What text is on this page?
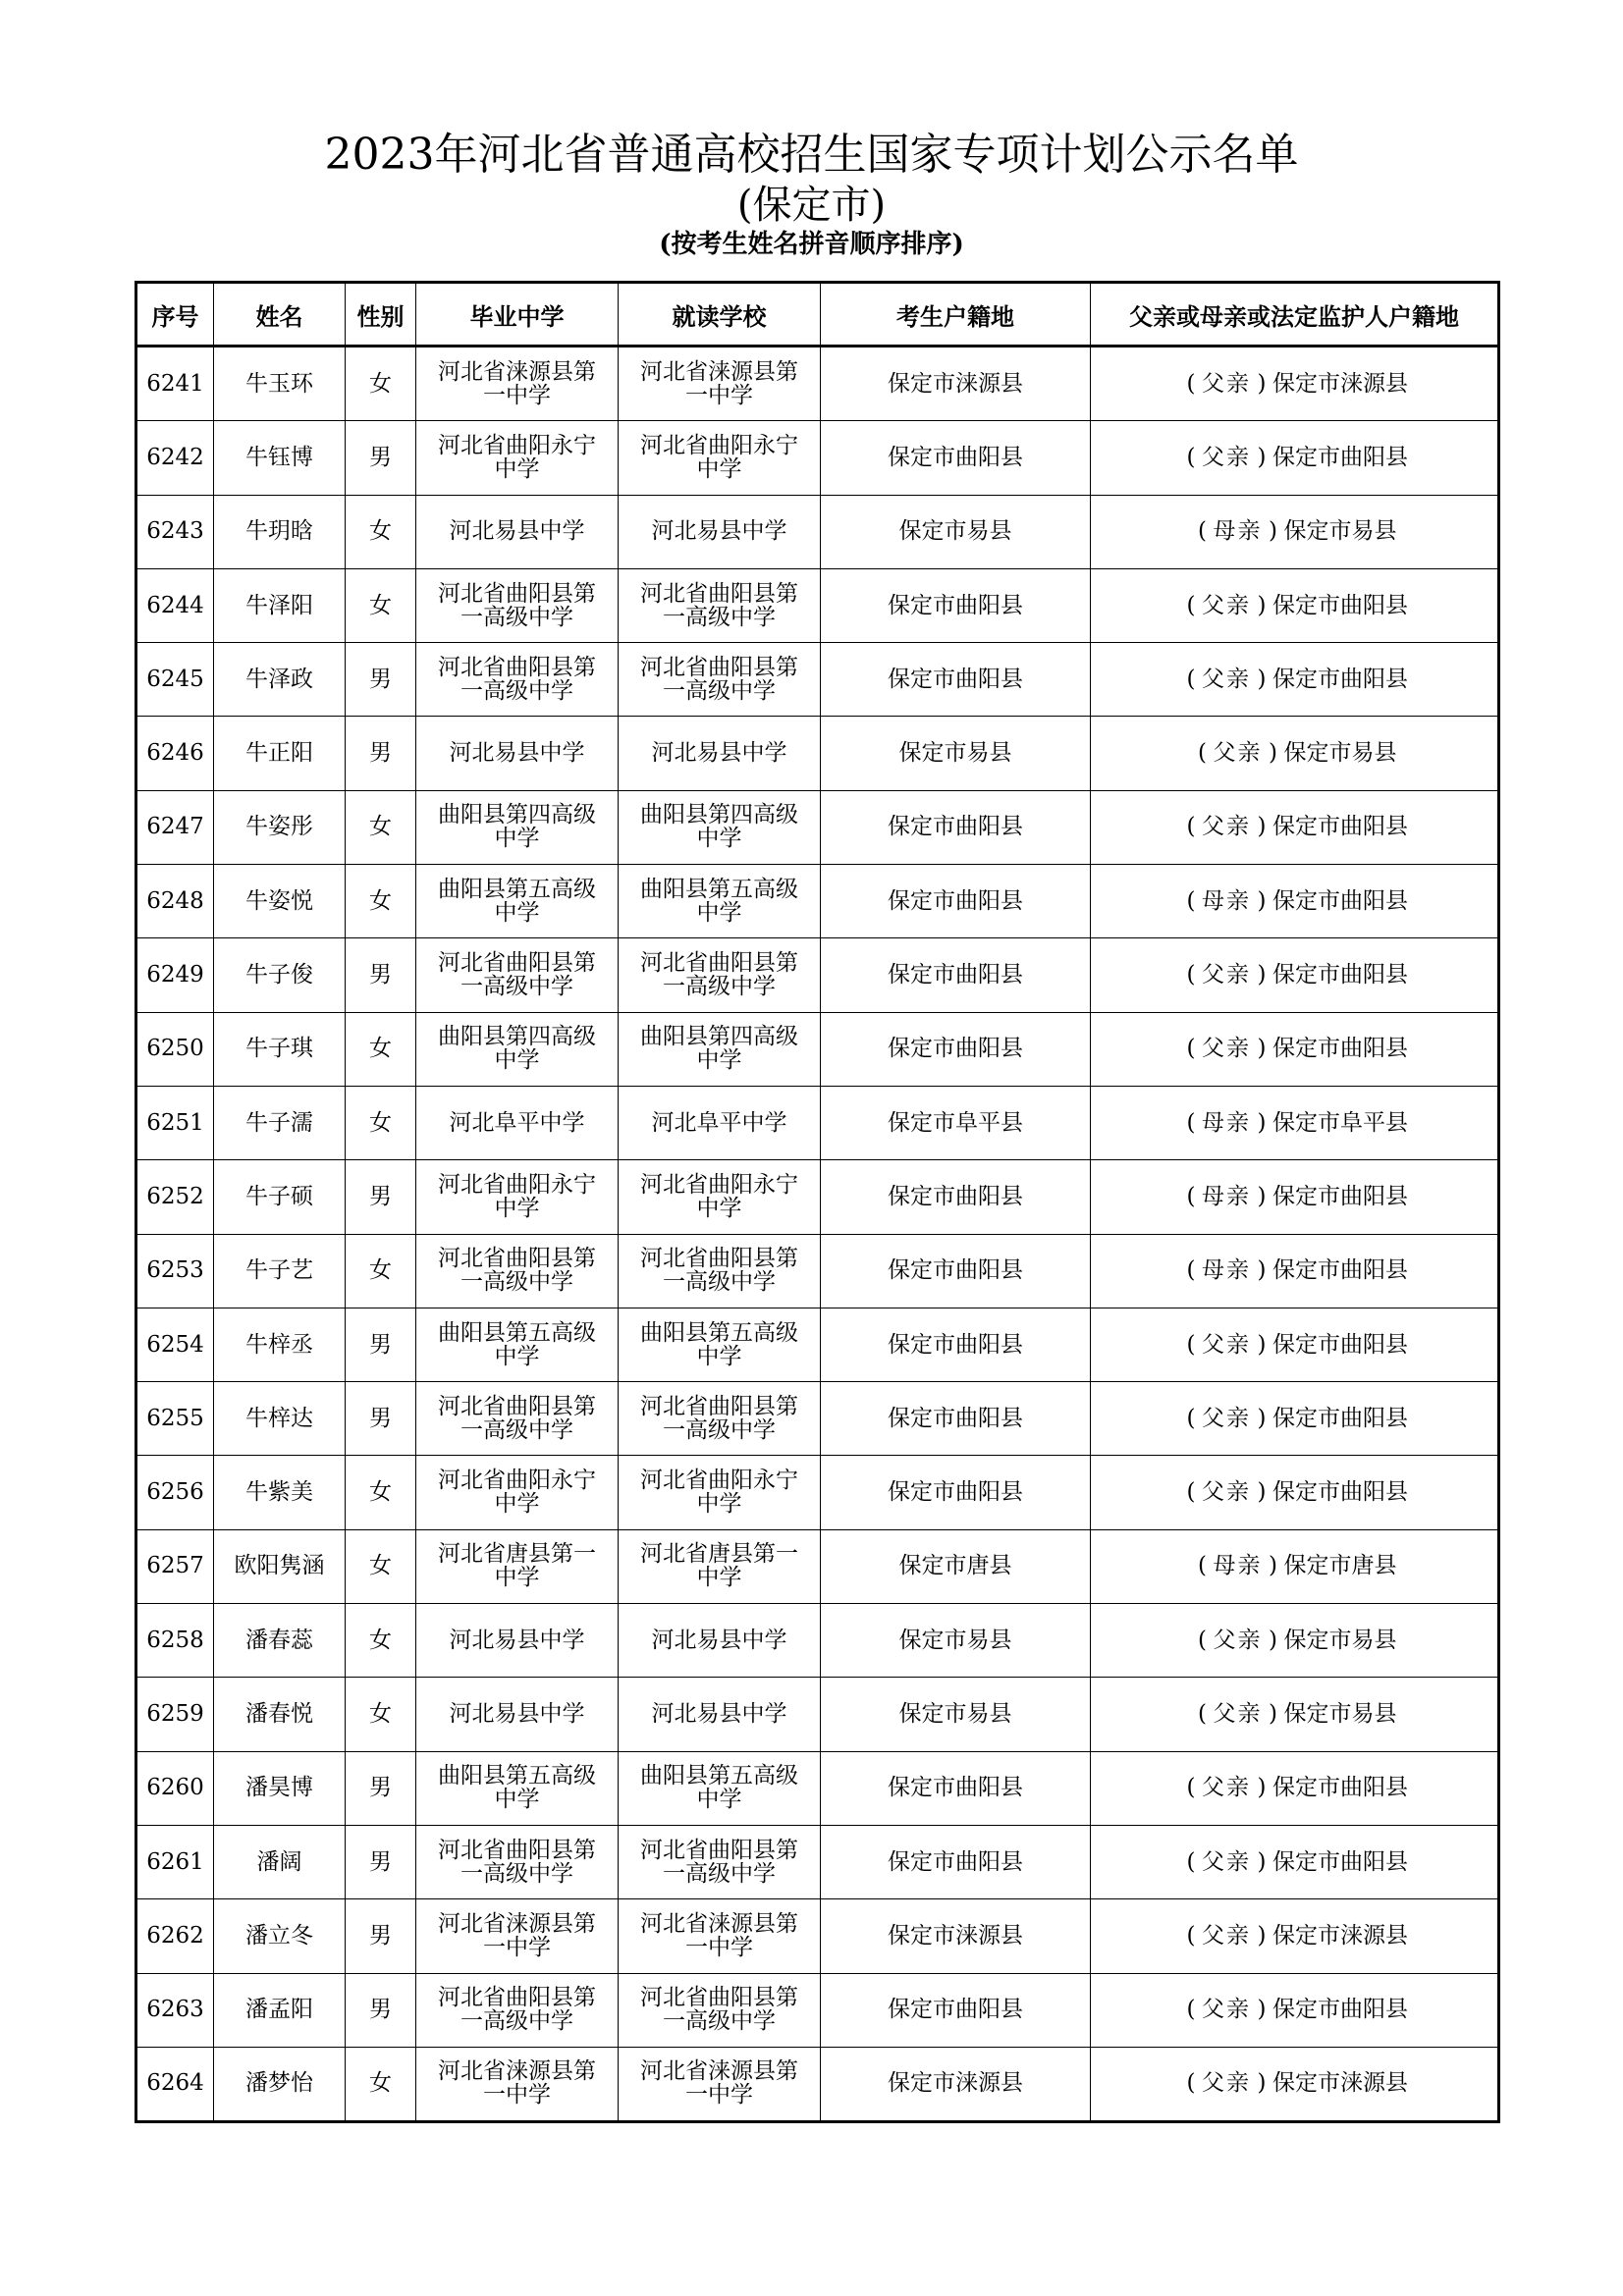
2023年河北省普通高校招生国家专项计划公示名单
(保定市)
(按考生姓名拼音顺序排序)
序号	姓名	性别	毕业中学	就读学校	考生户籍地	父亲或母亲或法定监护人户籍地
6241	牛玉环	女	河北省涞源县第一中学	河北省涞源县第一中学	保定市涞源县	( 父亲 ) 保定市涞源县
6242	牛钰博	男	河北省曲阳永宁中学	河北省曲阳永宁中学	保定市曲阳县	( 父亲 ) 保定市曲阳县
6243	牛玥晗	女	河北易县中学	河北易县中学	保定市易县	( 母亲 ) 保定市易县
6244	牛泽阳	女	河北省曲阳县第一高级中学	河北省曲阳县第一高级中学	保定市曲阳县	( 父亲 ) 保定市曲阳县
6245	牛泽政	男	河北省曲阳县第一高级中学	河北省曲阳县第一高级中学	保定市曲阳县	( 父亲 ) 保定市曲阳县
6246	牛正阳	男	河北易县中学	河北易县中学	保定市易县	( 父亲 ) 保定市易县
6247	牛姿彤	女	曲阳县第四高级中学	曲阳县第四高级中学	保定市曲阳县	( 父亲 ) 保定市曲阳县
6248	牛姿悦	女	曲阳县第五高级中学	曲阳县第五高级中学	保定市曲阳县	( 母亲 ) 保定市曲阳县
6249	牛子俊	男	河北省曲阳县第一高级中学	河北省曲阳县第一高级中学	保定市曲阳县	( 父亲 ) 保定市曲阳县
6250	牛子琪	女	曲阳县第四高级中学	曲阳县第四高级中学	保定市曲阳县	( 父亲 ) 保定市曲阳县
6251	牛子濡	女	河北阜平中学	河北阜平中学	保定市阜平县	( 母亲 ) 保定市阜平县
6252	牛子硕	男	河北省曲阳永宁中学	河北省曲阳永宁中学	保定市曲阳县	( 母亲 ) 保定市曲阳县
6253	牛子艺	女	河北省曲阳县第一高级中学	河北省曲阳县第一高级中学	保定市曲阳县	( 母亲 ) 保定市曲阳县
6254	牛梓丞	男	曲阳县第五高级中学	曲阳县第五高级中学	保定市曲阳县	( 父亲 ) 保定市曲阳县
6255	牛梓达	男	河北省曲阳县第一高级中学	河北省曲阳县第一高级中学	保定市曲阳县	( 父亲 ) 保定市曲阳县
6256	牛紫美	女	河北省曲阳永宁中学	河北省曲阳永宁中学	保定市曲阳县	( 父亲 ) 保定市曲阳县
6257	欧阳隽涵	女	河北省唐县第一中学	河北省唐县第一中学	保定市唐县	( 母亲 ) 保定市唐县
6258	潘春蕊	女	河北易县中学	河北易县中学	保定市易县	( 父亲 ) 保定市易县
6259	潘春悦	女	河北易县中学	河北易县中学	保定市易县	( 父亲 ) 保定市易县
6260	潘昊博	男	曲阳县第五高级中学	曲阳县第五高级中学	保定市曲阳县	( 父亲 ) 保定市曲阳县
6261	潘阔	男	河北省曲阳县第一高级中学	河北省曲阳县第一高级中学	保定市曲阳县	( 父亲 ) 保定市曲阳县
6262	潘立冬	男	河北省涞源县第一中学	河北省涞源县第一中学	保定市涞源县	( 父亲 ) 保定市涞源县
6263	潘孟阳	男	河北省曲阳县第一高级中学	河北省曲阳县第一高级中学	保定市曲阳县	( 父亲 ) 保定市曲阳县
6264	潘梦怡	女	河北省涞源县第一中学	河北省涞源县第一中学	保定市涞源县	( 父亲 ) 保定市涞源县
